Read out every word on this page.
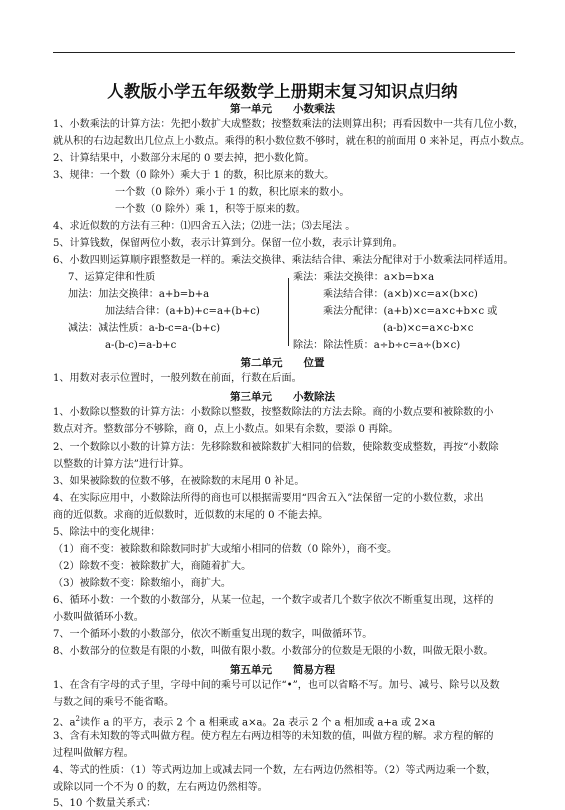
人教版小学五年级数学上册期末复习知识点归纳
第一单元　　小数乘法
1、小数乘法的计算方法：先把小数扩大成整数；按整数乘法的法则算出积；再看因数中一共有几位小数，
就从积的右边起数出几位点上小数点。乘得的积小数位数不够时，就在积的前面用 0 来补足，再点小数点。
2、计算结果中，小数部分末尾的 0 要去掉，把小数化简。
3、规律：一个数（0 除外）乘大于 1 的数，积比原来的数大。
一个数（0 除外）乘小于 1 的数，积比原来的数小。
一个数（0 除外）乘 1，积等于原来的数。
4、求近似数的方法有三种：⑴四舍五入法；⑵进一法；⑶去尾法 。
5、计算钱数，保留两位小数，表示计算到分。保留一位小数，表示计算到角。
6、小数四则运算顺序跟整数是一样的。乘法交换律、乘法结合律、乘法分配律对于小数乘法同样适用。
7、运算定律和性质
加法：加法交换律：a+b=b+a
加法结合律：(a+b)+c=a+(b+c)
减法：减法性质：a-b-c=a-(b+c)
a-(b-c)=a-b+c
乘法：乘法交换律：a×b=b×a
乘法结合律：(a×b)×c=a×(b×c)
乘法分配律：(a+b)×c=a×c+b×c 或
(a-b)×c=a×c-b×c
除法：除法性质：a÷b÷c=a÷(b×c)
第二单元　　位置
1、用数对表示位置时，一般列数在前面，行数在后面。
第三单元　　小数除法
1、小数除以整数的计算方法：小数除以整数，按整数除法的方法去除。商的小数点要和被除数的小
数点对齐。整数部分不够除，商 0，点上小数点。如果有余数，要添 0 再除。
2、一个数除以小数的计算方法：先移除数和被除数扩大相同的倍数，使除数变成整数，再按“小数除
以整数的计算方法”进行计算。
3、如果被除数的位数不够，在被除数的末尾用 0 补足。
4、在实际应用中，小数除法所得的商也可以根据需要用“四舍五入”法保留一定的小数位数，求出
商的近似数。求商的近似数时，近似数的末尾的 0 不能去掉。
5、除法中的变化规律：
（1）商不变：被除数和除数同时扩大或缩小相同的倍数（0 除外），商不变。
（2）除数不变：被除数扩大，商随着扩大。
（3）被除数不变：除数缩小，商扩大。
6、循环小数：一个数的小数部分，从某一位起，一个数字或者几个数字依次不断重复出现，这样的
小数叫做循环小数。
7、一个循环小数的小数部分，依次不断重复出现的数字，叫做循环节。
8、小数部分的位数是有限的小数，叫做有限小数。小数部分的位数是无限的小数，叫做无限小数。
第五单元　　简易方程
1、在含有字母的式子里，字母中间的乘号可以记作“•”，也可以省略不写。加号、减号、除号以及数
与数之间的乘号不能省略。
2、$a^2$读作 a 的平方，表示 2 个 a 相乘或 a×a。2a 表示 2 个 a 相加或 a+a 或 2×a
3、含有未知数的等式叫做方程。使方程左右两边相等的未知数的值，叫做方程的解。求方程的解的
过程叫做解方程。
4、等式的性质：（1）等式两边加上或减去同一个数，左右两边仍然相等。（2）等式两边乘一个数，
或除以同一个不为 0 的数，左右两边仍然相等。
5、10 个数量关系式：
